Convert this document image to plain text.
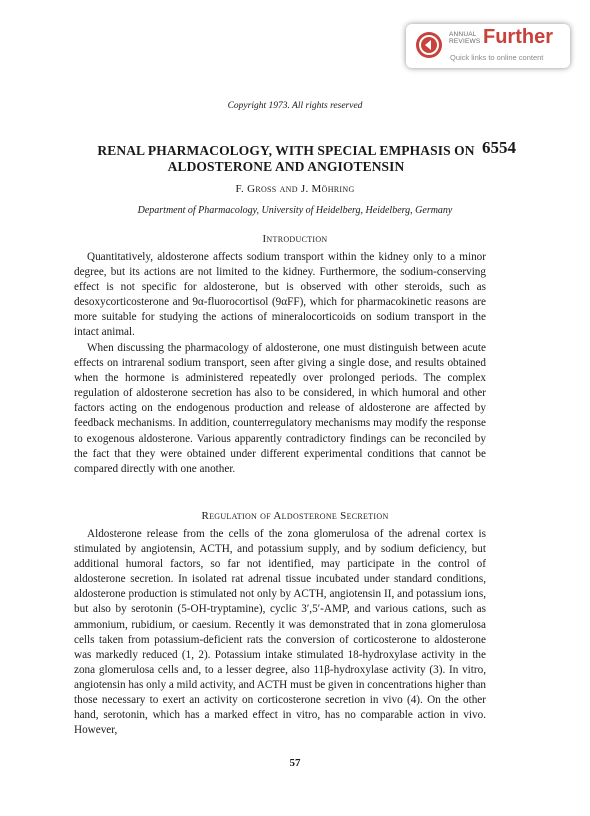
ANNUAL
REVIEWS Further
Quick links to online content
Copyright 1973. All rights reserved
RENAL PHARMACOLOGY, WITH SPECIAL EMPHASIS ON ALDOSTERONE AND ANGIOTENSIN
6554
F. Gross and J. Möhring
Department of Pharmacology, University of Heidelberg, Heidelberg, Germany
Introduction

Quantitatively, aldosterone affects sodium transport within the kidney only to a minor degree, but its actions are not limited to the kidney. Furthermore, the sodium-conserving effect is not specific for aldosterone, but is observed with other steroids, such as desoxycorticosterone and 9α-fluorocortisol (9αFF), which for pharmacokinetic reasons are more suitable for studying the actions of mineralocorticoids on sodium transport in the intact animal.

When discussing the pharmacology of aldosterone, one must distinguish between acute effects on intrarenal sodium transport, seen after giving a single dose, and results obtained when the hormone is administered repeatedly over prolonged periods. The complex regulation of aldosterone secretion has also to be considered, in which humoral and other factors acting on the endogenous production and release of aldosterone are affected by feedback mechanisms. In addition, counterregulatory mechanisms may modify the response to exogenous aldosterone. Various apparently contradictory findings can be reconciled by the fact that they were obtained under different experimental conditions that cannot be compared directly with one another.

Regulation of Aldosterone Secretion

Aldosterone release from the cells of the zona glomerulosa of the adrenal cortex is stimulated by angiotensin, ACTH, and potassium supply, and by sodium deficiency, but additional humoral factors, so far not identified, may participate in the control of aldosterone secretion. In isolated rat adrenal tissue incubated under standard conditions, aldosterone production is stimulated not only by ACTH, angiotensin II, and potassium ions, but also by serotonin (5-OH-tryptamine), cyclic 3′,5′-AMP, and various cations, such as ammonium, rubidium, or caesium. Recently it was demonstrated that in zona glomerulosa cells taken from potassium-deficient rats the conversion of corticosterone to aldosterone was markedly reduced (1, 2). Potassium intake stimulated 18-hydroxylase activity in the zona glomerulosa cells and, to a lesser degree, also 11β-hydroxylase activity (3). In vitro, angiotensin has only a mild activity, and ACTH must be given in concentrations higher than those necessary to exert an activity on corticosterone secretion in vivo (4). On the other hand, serotonin, which has a marked effect in vitro, has no comparable action in vivo. However,

57
